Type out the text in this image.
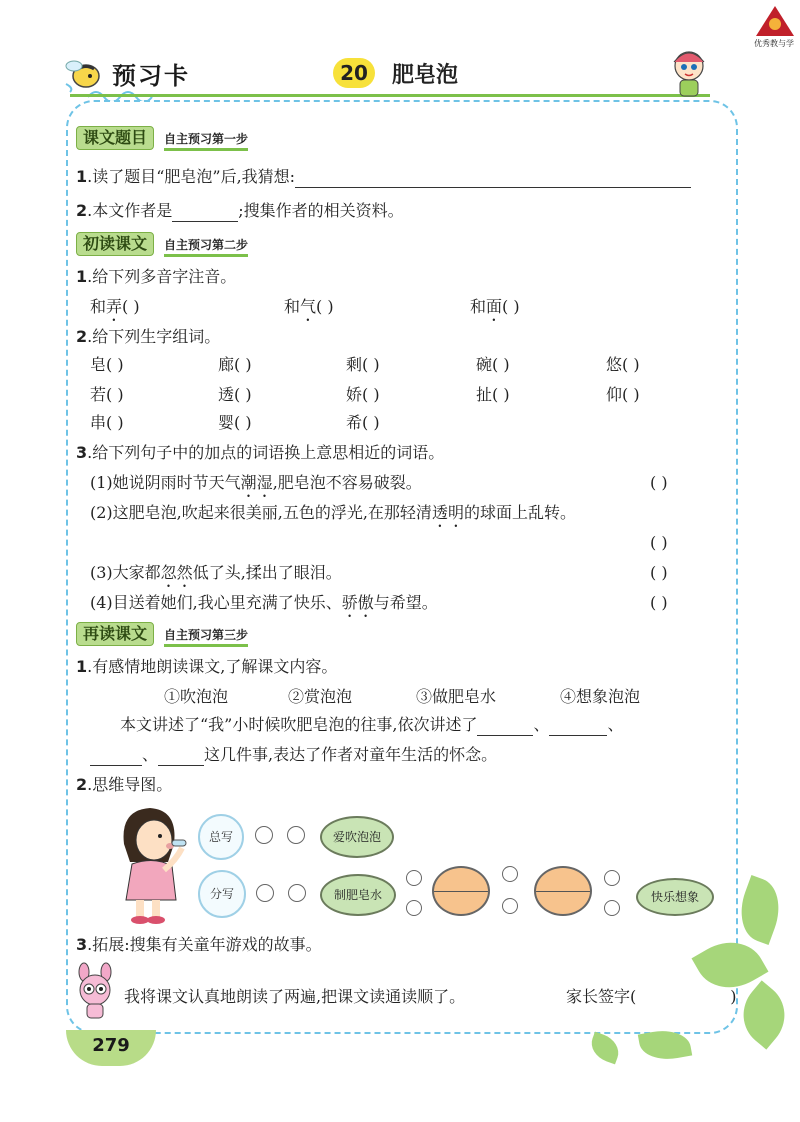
优秀教与学
预习卡	20	肥皂泡
课文题目 自主预习第一步
1.读了题目“肥皂泡”后,我猜想:
2.本文作者是	;搜集作者的相关资料。
初读课文 自主预习第二步
1.给下列多音字注音。
和弄( )	和气( )	和面( )
2.给下列生字组词。
皂( )	廊( )	剩( )	碗( )	悠( )
若( )	透( )	娇( )	扯( )	仰( )
串( )	婴( )	希( )
3.给下列句子中的加点的词语换上意思相近的词语。
(1)她说阴雨时节天气潮湿,肥皂泡不容易破裂。	( )
(2)这肥皂泡,吹起来很美丽,五色的浮光,在那轻清透明的球面上乱转。
( )
(3)大家都忽然低了头,揉出了眼泪。	( )
(4)目送着她们,我心里充满了快乐、骄傲与希望。	( )
再读课文 自主预习第三步
1.有感情地朗读课文,了解课文内容。
①吹泡泡	②赏泡泡	③做肥皂水	④想象泡泡
本文讲述了“我”小时候吹肥皂泡的往事,依次讲述了	、	、
、	这几件事,表达了作者对童年生活的怀念。
2.思维导图。
总写	爱吹泡泡
分写	制肥皂水	快乐想象
3.拓展:搜集有关童年游戏的故事。
我将课文认真地朗读了两遍,把课文读通读顺了。	家长签字(	)
279
